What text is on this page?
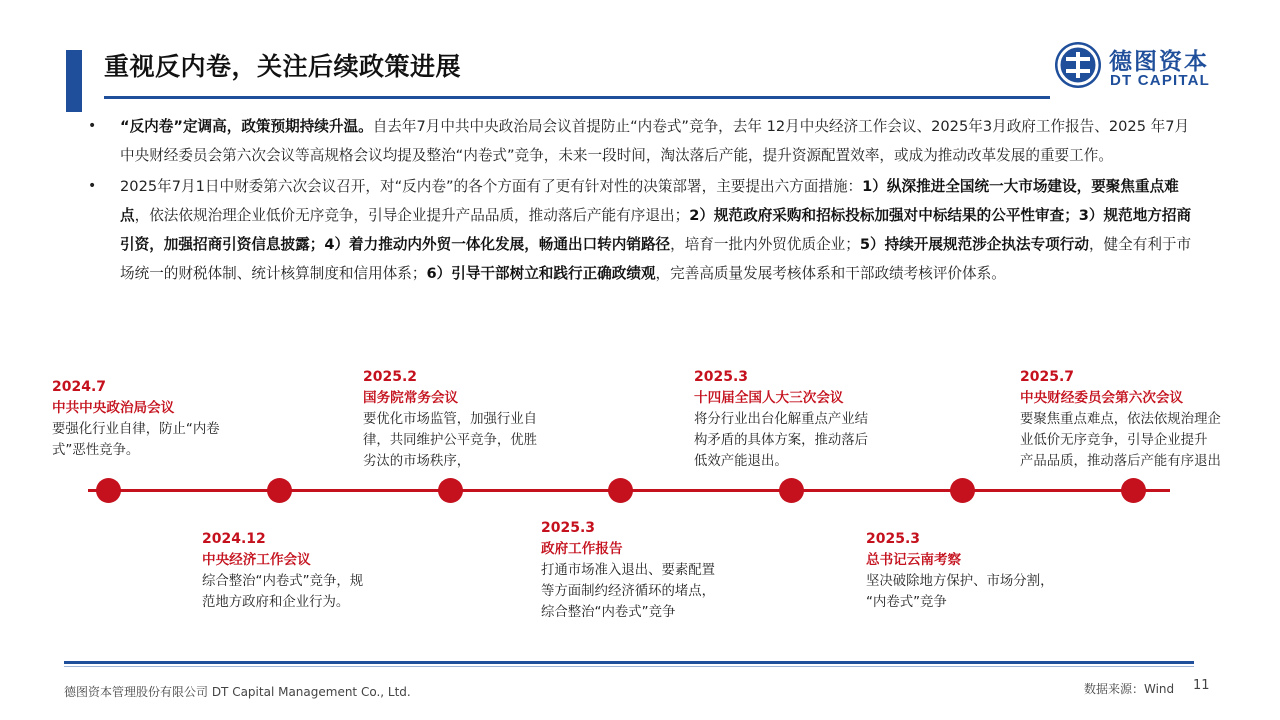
重视反内卷，关注后续政策进展	德图资本
DT CAPITAL
• “反内卷”定调高，政策预期持续升温。自去年7月中共中央政治局会议首提防止“内卷式”竞争，去年 12月中央经济工作会议、2025年3月政府工作报告、2025 年7月中央财经委员会第六次会议等高规格会议均提及整治“内卷式”竞争，未来一段时间，淘汰落后产能，提升资源配置效率，或成为推动改革发展的重要工作。
• 2025年7月1日中财委第六次会议召开，对“反内卷”的各个方面有了更有针对性的决策部署，主要提出六方面措施：1）纵深推进全国统一大市场建设，要聚焦重点难点，依法依规治理企业低价无序竞争，引导企业提升产品品质，推动落后产能有序退出；2）规范政府采购和招标投标加强对中标结果的公平性审查；3）规范地方招商引资，加强招商引资信息披露；4）着力推动内外贸一体化发展，畅通出口转内销路径，培育一批内外贸优质企业；5）持续开展规范涉企执法专项行动，健全有利于市场统一的财税体制、统计核算制度和信用体系；6）引导干部树立和践行正确政绩观，完善高质量发展考核体系和干部政绩考核评价体系。
2024.7
中共中央政治局会议
要强化行业自律，防止“内卷
式”恶性竞争。
2024.12
中央经济工作会议
综合整治“内卷式”竞争，规
范地方政府和企业行为。
2025.2
国务院常务会议
要优化市场监管，加强行业自
律，共同维护公平竞争，优胜
劣汰的市场秩序，
2025.3
政府工作报告
打通市场准入退出、要素配置
等方面制约经济循环的堵点，
综合整治“内卷式”竞争
2025.3
十四届全国人大三次会议
将分行业出台化解重点产业结
构矛盾的具体方案，推动落后
低效产能退出。
2025.3
总书记云南考察
坚决破除地方保护、市场分割，
“内卷式”竞争
2025.7
中央财经委员会第六次会议
要聚焦重点难点，依法依规治理企
业低价无序竞争，引导企业提升
产品品质，推动落后产能有序退出
德图资本管理股份有限公司 DT Capital Management Co., Ltd.	数据来源：Wind 11
